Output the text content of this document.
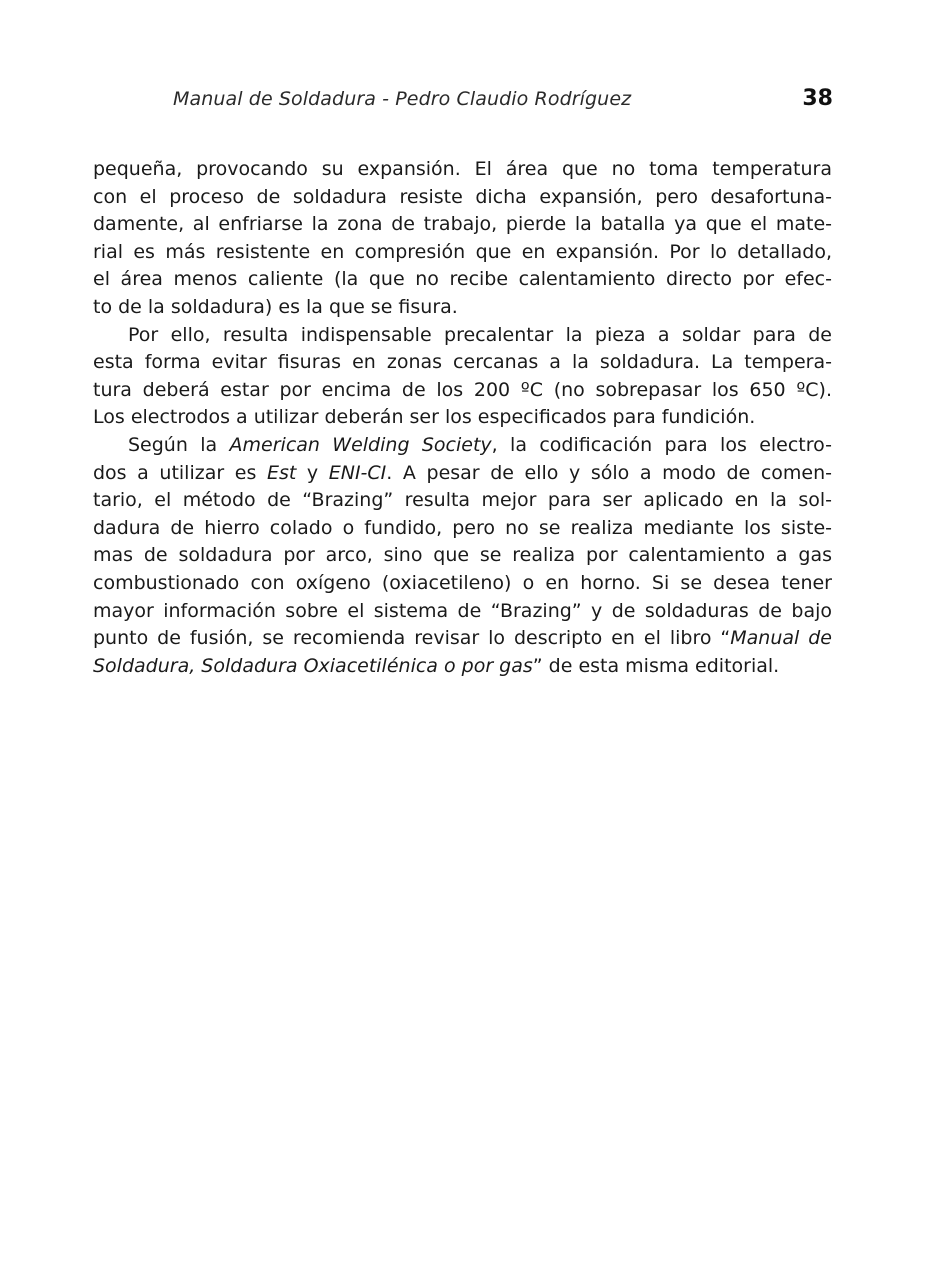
Manual de Soldadura - Pedro Claudio Rodríguez	38
pequeña, provocando su expansión. El área que no toma temperatura
con el proceso de soldadura resiste dicha expansión, pero desafortuna-
damente, al enfriarse la zona de trabajo, pierde la batalla ya que el mate-
rial es más resistente en compresión que en expansión. Por lo detallado,
el área menos caliente (la que no recibe calentamiento directo por efec-
to de la soldadura) es la que se fisura.
Por ello, resulta indispensable precalentar la pieza a soldar para de
esta forma evitar fisuras en zonas cercanas a la soldadura. La tempera-
tura deberá estar por encima de los 200 ºC (no sobrepasar los 650 ºC).
Los electrodos a utilizar deberán ser los especificados para fundición.
Según la American Welding Society, la codificación para los electro-
dos a utilizar es Est y ENI-CI. A pesar de ello y sólo a modo de comen-
tario, el método de “Brazing” resulta mejor para ser aplicado en la sol-
dadura de hierro colado o fundido, pero no se realiza mediante los siste-
mas de soldadura por arco, sino que se realiza por calentamiento a gas
combustionado con oxígeno (oxiacetileno) o en horno. Si se desea tener
mayor información sobre el sistema de “Brazing” y de soldaduras de bajo
punto de fusión, se recomienda revisar lo descripto en el libro “Manual de
Soldadura, Soldadura Oxiacetilénica o por gas” de esta misma editorial.
